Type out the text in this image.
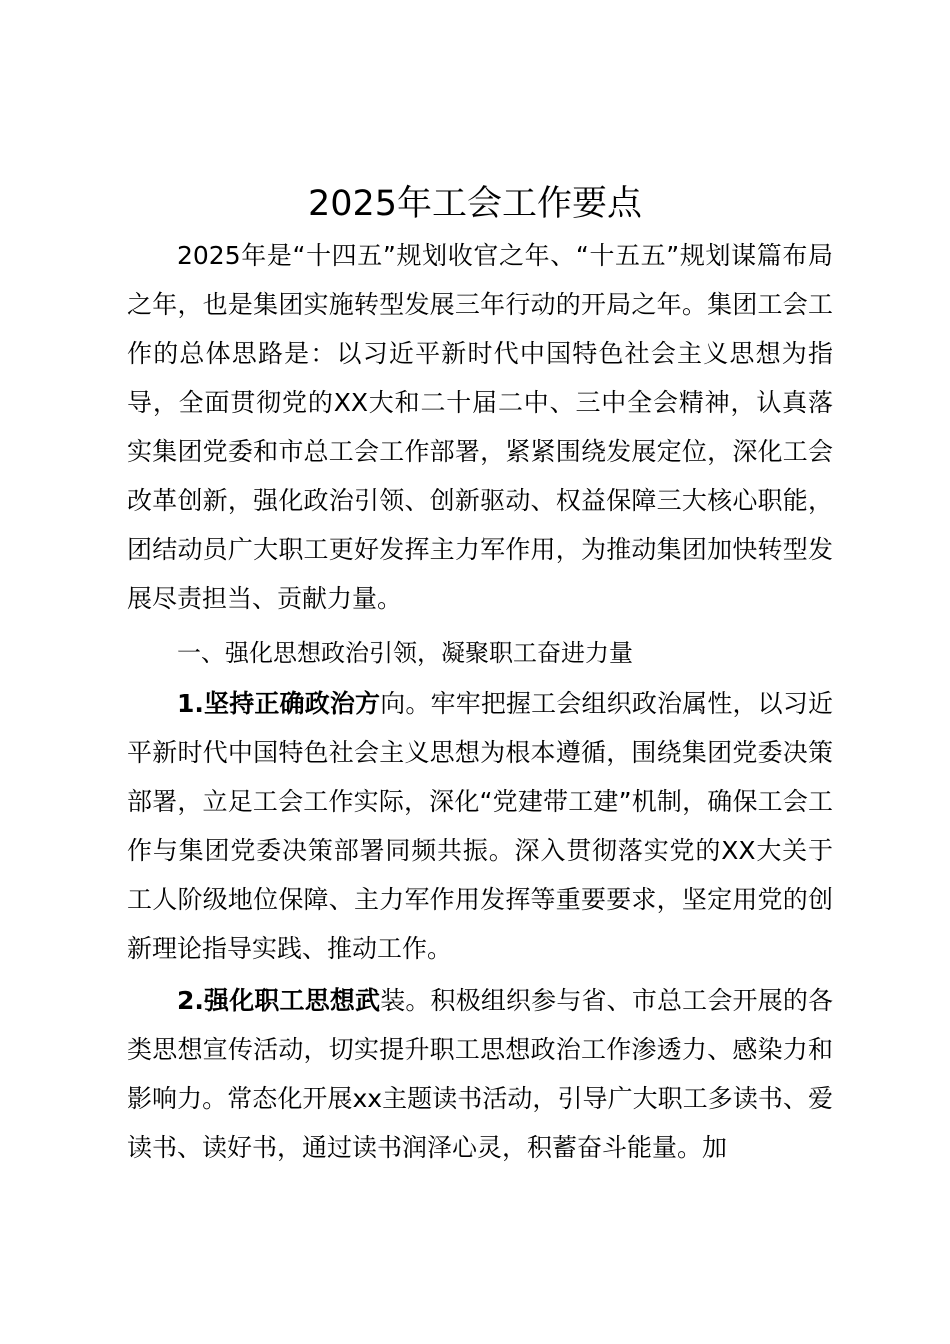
2025年工会工作要点

2025年是“十四五”规划收官之年、“十五五”规划谋篇布局之年，也是集团实施转型发展三年行动的开局之年。集团工会工作的总体思路是：以习近平新时代中国特色社会主义思想为指导，全面贯彻党的XX大和二十届二中、三中全会精神，认真落实集团党委和市总工会工作部署，紧紧围绕发展定位，深化工会改革创新，强化政治引领、创新驱动、权益保障三大核心职能，团结动员广大职工更好发挥主力军作用，为推动集团加快转型发展尽责担当、贡献力量。

一、强化思想政治引领，凝聚职工奋进力量

1.坚持正确政治方向。牢牢把握工会组织政治属性，以习近平新时代中国特色社会主义思想为根本遵循，围绕集团党委决策部署，立足工会工作实际，深化“党建带工建”机制，确保工会工作与集团党委决策部署同频共振。深入贯彻落实党的XX大关于工人阶级地位保障、主力军作用发挥等重要要求，坚定用党的创新理论指导实践、推动工作。

2.强化职工思想武装。积极组织参与省、市总工会开展的各类思想宣传活动，切实提升职工思想政治工作渗透力、感染力和影响力。常态化开展xx主题读书活动，引导广大职工多读书、爱读书、读好书，通过读书润泽心灵，积蓄奋斗能量。加
